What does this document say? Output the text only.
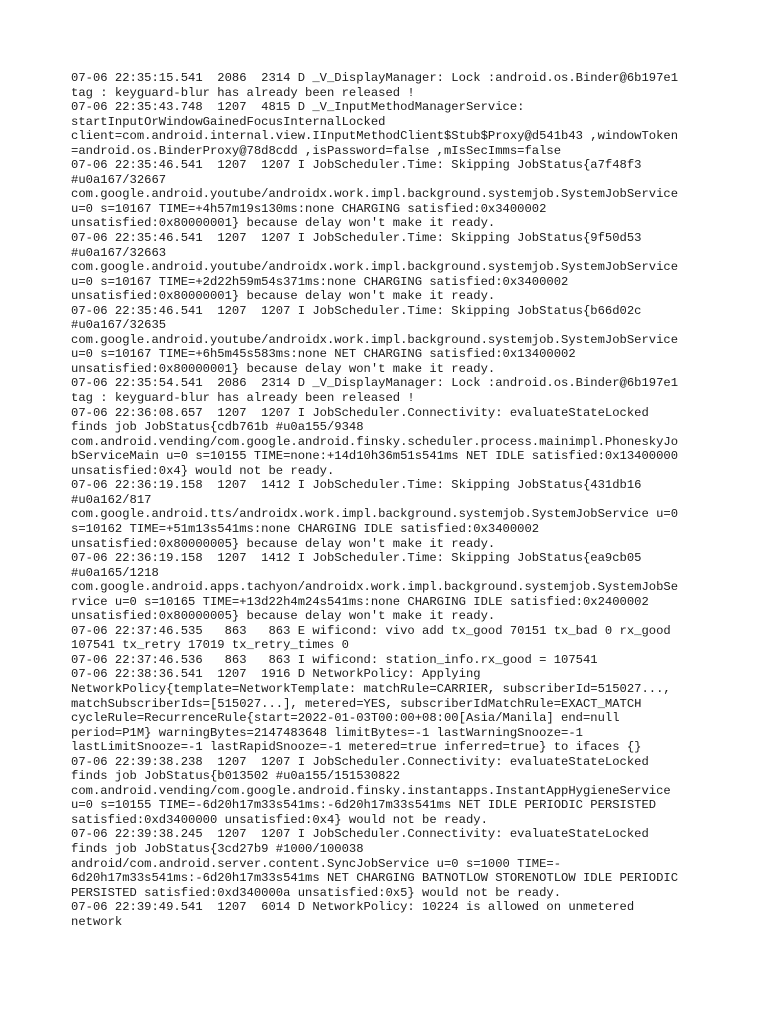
07-06 22:35:15.541  2086  2314 D _V_DisplayManager: Lock :android.os.Binder@6b197e1
tag : keyguard-blur has already been released !
07-06 22:35:43.748  1207  4815 D _V_InputMethodManagerService:
startInputOrWindowGainedFocusInternalLocked
client=com.android.internal.view.IInputMethodClient$Stub$Proxy@d541b43 ,windowToken
=android.os.BinderProxy@78d8cdd ,isPassword=false ,mIsSecImms=false
07-06 22:35:46.541  1207  1207 I JobScheduler.Time: Skipping JobStatus{a7f48f3
#u0a167/32667
com.google.android.youtube/androidx.work.impl.background.systemjob.SystemJobService
u=0 s=10167 TIME=+4h57m19s130ms:none CHARGING satisfied:0x3400002
unsatisfied:0x80000001} because delay won't make it ready.
07-06 22:35:46.541  1207  1207 I JobScheduler.Time: Skipping JobStatus{9f50d53
#u0a167/32663
com.google.android.youtube/androidx.work.impl.background.systemjob.SystemJobService
u=0 s=10167 TIME=+2d22h59m54s371ms:none CHARGING satisfied:0x3400002
unsatisfied:0x80000001} because delay won't make it ready.
07-06 22:35:46.541  1207  1207 I JobScheduler.Time: Skipping JobStatus{b66d02c
#u0a167/32635
com.google.android.youtube/androidx.work.impl.background.systemjob.SystemJobService
u=0 s=10167 TIME=+6h5m45s583ms:none NET CHARGING satisfied:0x13400002
unsatisfied:0x80000001} because delay won't make it ready.
07-06 22:35:54.541  2086  2314 D _V_DisplayManager: Lock :android.os.Binder@6b197e1
tag : keyguard-blur has already been released !
07-06 22:36:08.657  1207  1207 I JobScheduler.Connectivity: evaluateStateLocked
finds job JobStatus{cdb761b #u0a155/9348
com.android.vending/com.google.android.finsky.scheduler.process.mainimpl.PhoneskyJo
bServiceMain u=0 s=10155 TIME=none:+14d10h36m51s541ms NET IDLE satisfied:0x13400000
unsatisfied:0x4} would not be ready.
07-06 22:36:19.158  1207  1412 I JobScheduler.Time: Skipping JobStatus{431db16
#u0a162/817
com.google.android.tts/androidx.work.impl.background.systemjob.SystemJobService u=0
s=10162 TIME=+51m13s541ms:none CHARGING IDLE satisfied:0x3400002
unsatisfied:0x80000005} because delay won't make it ready.
07-06 22:36:19.158  1207  1412 I JobScheduler.Time: Skipping JobStatus{ea9cb05
#u0a165/1218
com.google.android.apps.tachyon/androidx.work.impl.background.systemjob.SystemJobSe
rvice u=0 s=10165 TIME=+13d22h4m24s541ms:none CHARGING IDLE satisfied:0x2400002
unsatisfied:0x80000005} because delay won't make it ready.
07-06 22:37:46.535   863   863 E wificond: vivo add tx_good 70151 tx_bad 0 rx_good
107541 tx_retry 17019 tx_retry_times 0
07-06 22:37:46.536   863   863 I wificond: station_info.rx_good = 107541
07-06 22:38:36.541  1207  1916 D NetworkPolicy: Applying
NetworkPolicy{template=NetworkTemplate: matchRule=CARRIER, subscriberId=515027...,
matchSubscriberIds=[515027...], metered=YES, subscriberIdMatchRule=EXACT_MATCH
cycleRule=RecurrenceRule{start=2022-01-03T00:00+08:00[Asia/Manila] end=null
period=P1M} warningBytes=2147483648 limitBytes=-1 lastWarningSnooze=-1
lastLimitSnooze=-1 lastRapidSnooze=-1 metered=true inferred=true} to ifaces {}
07-06 22:39:38.238  1207  1207 I JobScheduler.Connectivity: evaluateStateLocked
finds job JobStatus{b013502 #u0a155/151530822
com.android.vending/com.google.android.finsky.instantapps.InstantAppHygieneService
u=0 s=10155 TIME=-6d20h17m33s541ms:-6d20h17m33s541ms NET IDLE PERIODIC PERSISTED
satisfied:0xd3400000 unsatisfied:0x4} would not be ready.
07-06 22:39:38.245  1207  1207 I JobScheduler.Connectivity: evaluateStateLocked
finds job JobStatus{3cd27b9 #1000/100038
android/com.android.server.content.SyncJobService u=0 s=1000 TIME=-
6d20h17m33s541ms:-6d20h17m33s541ms NET CHARGING BATNOTLOW STORENOTLOW IDLE PERIODIC
PERSISTED satisfied:0xd340000a unsatisfied:0x5} would not be ready.
07-06 22:39:49.541  1207  6014 D NetworkPolicy: 10224 is allowed on unmetered
network
